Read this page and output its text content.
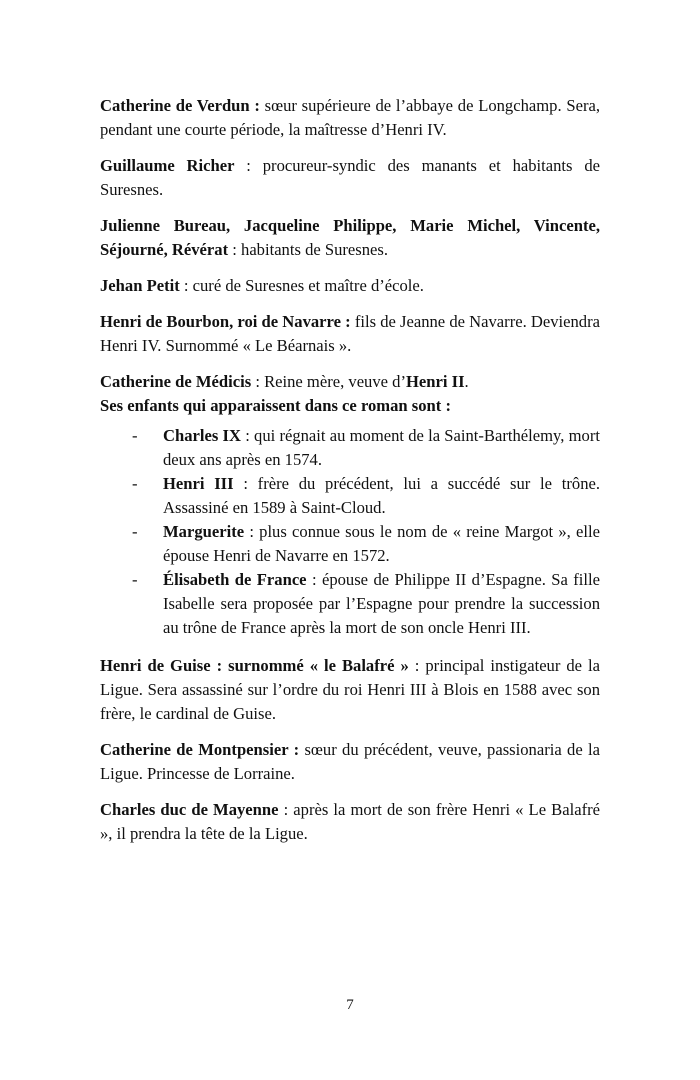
Catherine de Verdun : sœur supérieure de l’abbaye de Longchamp. Sera, pendant une courte période, la maîtresse d’Henri IV.

Guillaume Richer : procureur-syndic des manants et habitants de Suresnes.

Julienne Bureau, Jacqueline Philippe, Marie Michel, Vincente, Séjourné, Révérat : habitants de Suresnes.

Jehan Petit : curé de Suresnes et maître d’école.

Henri de Bourbon, roi de Navarre : fils de Jeanne de Navarre. Deviendra Henri IV. Surnommé « Le Béarnais ».

Catherine de Médicis : Reine mère, veuve d’Henri II.
Ses enfants qui apparaissent dans ce roman sont :

- Charles IX : qui régnait au moment de la Saint-Barthélemy, mort deux ans après en 1574.
- Henri III : frère du précédent, lui a succédé sur le trône. Assassiné en 1589 à Saint-Cloud.
- Marguerite : plus connue sous le nom de « reine Margot », elle épouse Henri de Navarre en 1572.
- Élisabeth de France : épouse de Philippe II d’Espagne. Sa fille Isabelle sera proposée par l’Espagne pour prendre la succession au trône de France après la mort de son oncle Henri III.

Henri de Guise : surnommé « le Balafré » : principal instigateur de la Ligue. Sera assassiné sur l’ordre du roi Henri III à Blois en 1588 avec son frère, le cardinal de Guise.

Catherine de Montpensier : sœur du précédent, veuve, passionaria de la Ligue. Princesse de Lorraine.

Charles duc de Mayenne : après la mort de son frère Henri « Le Balafré », il prendra la tête de la Ligue.

7
